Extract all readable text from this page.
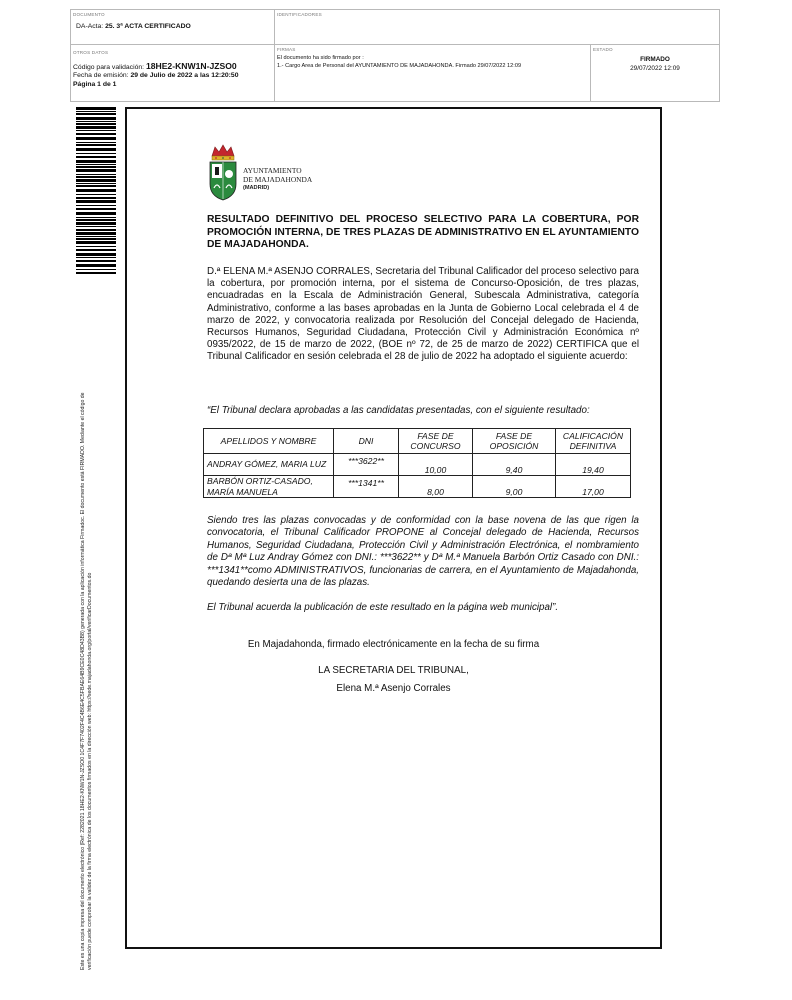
DOCUMENTO
DA-Acta: 25. 3ª ACTA CERTIFICADO
IDENTIFICADORES
OTROS DATOS
Código para validación: 18HE2-KNW1N-JZSO0
Fecha de emisión: 29 de Julio de 2022 a las 12:20:50
Página 1 de 1
FIRMAS
El documento ha sido firmado por :
1.- Cargo Area de Personal del AYUNTAMIENTO DE MAJADAHONDA. Firmado 29/07/2022 12:09
ESTADO
FIRMADO
29/07/2022 12:09
Este es una copia impresa del documento electrónico (Ref: 2282021 18HE2-KNW1N-JZSO0 1C4F7F7402F4C4B6E4C5FBAE64B9CE0C48D43B8) generada con la aplicación informática Firmadoc. El documento está FIRMADO. Mediante el código de verificación puede comprobar la validez de la firma electrónica de los documentos firmados en la dirección web: https://sede.majadahonda.org/portal/verificarDocumentos.do
AYUNTAMIENTO
DE MAJADAHONDA
(MADRID)
RESULTADO DEFINITIVO DEL PROCESO SELECTIVO PARA LA COBERTURA, POR PROMOCIÓN INTERNA, DE TRES PLAZAS DE ADMINISTRATIVO EN EL AYUNTAMIENTO DE MAJADAHONDA.
D.ª ELENA M.ª ASENJO CORRALES, Secretaria del Tribunal Calificador del proceso selectivo para la cobertura, por promoción interna, por el sistema de Concurso-Oposición, de tres plazas, encuadradas en la Escala de Administración General, Subescala Administrativa, categoría Administrativo, conforme a las bases aprobadas en la Junta de Gobierno Local celebrada el 4 de marzo de 2022, y convocatoria realizada por Resolución del Concejal delegado de Hacienda, Recursos Humanos, Seguridad Ciudadana, Protección Civil y Administración Económica nº 0935/2022, de 15 de marzo de 2022, (BOE nº 72, de 25 de marzo de 2022) CERTIFICA que el Tribunal Calificador en sesión celebrada el 28 de julio de 2022 ha adoptado el siguiente acuerdo:
“El Tribunal declara aprobadas a las candidatas presentadas, con el siguiente resultado:
APELLIDOS Y NOMBRE	DNI	FASE DE CONCURSO	FASE DE OPOSICIÓN	CALIFICACIÓN DEFINITIVA
ANDRAY GÓMEZ, MARIA LUZ	***3622**	10,00	9,40	19,40
BARBÓN ORTIZ-CASADO, MARÍA MANUELA	***1341**	8,00	9,00	17,00
Siendo tres las plazas convocadas y de conformidad con la base novena de las que rigen la convocatoria, el Tribunal Calificador PROPONE al Concejal delegado de Hacienda, Recursos Humanos, Seguridad Ciudadana, Protección Civil y Administración Electrónica, el nombramiento de Dª Mª Luz Andray Gómez con DNI.: ***3622** y Dª M.ª Manuela Barbón Ortiz Casado con DNI.: ***1341**como ADMINISTRATIVOS, funcionarias de carrera, en el Ayuntamiento de Majadahonda, quedando desierta una de las plazas.
El Tribunal acuerda la publicación de este resultado en la página web municipal”.
En Majadahonda, firmado electrónicamente en la fecha de su firma
LA SECRETARIA DEL TRIBUNAL,
Elena M.ª Asenjo Corrales
